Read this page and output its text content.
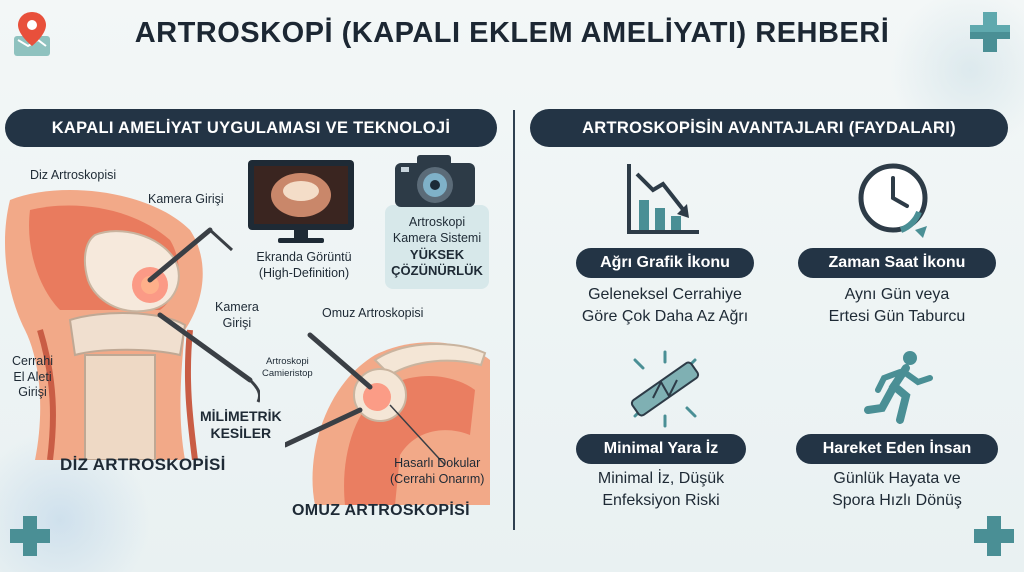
ARTROSKOPİ (KAPALI EKLEM AMELİYATI) REHBERİ
KAPALI AMELİYAT UYGULAMASI VE TEKNOLOJİ	ARTROSKOPİSİN AVANTAJLARI (FAYDALARI)
Diz Artroskopisi
Kamera Girişi
Ekranda Görüntü
(High-Definition)
Artroskopi
Kamera Sistemi
YÜKSEK
ÇÖZÜNÜRLÜK
Kamera
Girişi
Omuz Artroskopisi
Cerrahi
El Aleti
Girişi
Artroskopi
Camieristop
MİLİMETRİK
KESİLER
DİZ ARTROSKOPİSİ	Hasarlı Dokular
(Cerrahi Onarım)
OMUZ ARTROSKOPİSİ
Ağrı Grafik İkonu
Geleneksel Cerrahiye
Göre Çok Daha Az Ağrı
Zaman Saat İkonu
Aynı Gün veya
Ertesi Gün Taburcu
Minimal Yara İz
Minimal İz, Düşük
Enfeksiyon Riski
Hareket Eden İnsan
Günlük Hayata ve
Spora Hızlı Dönüş
